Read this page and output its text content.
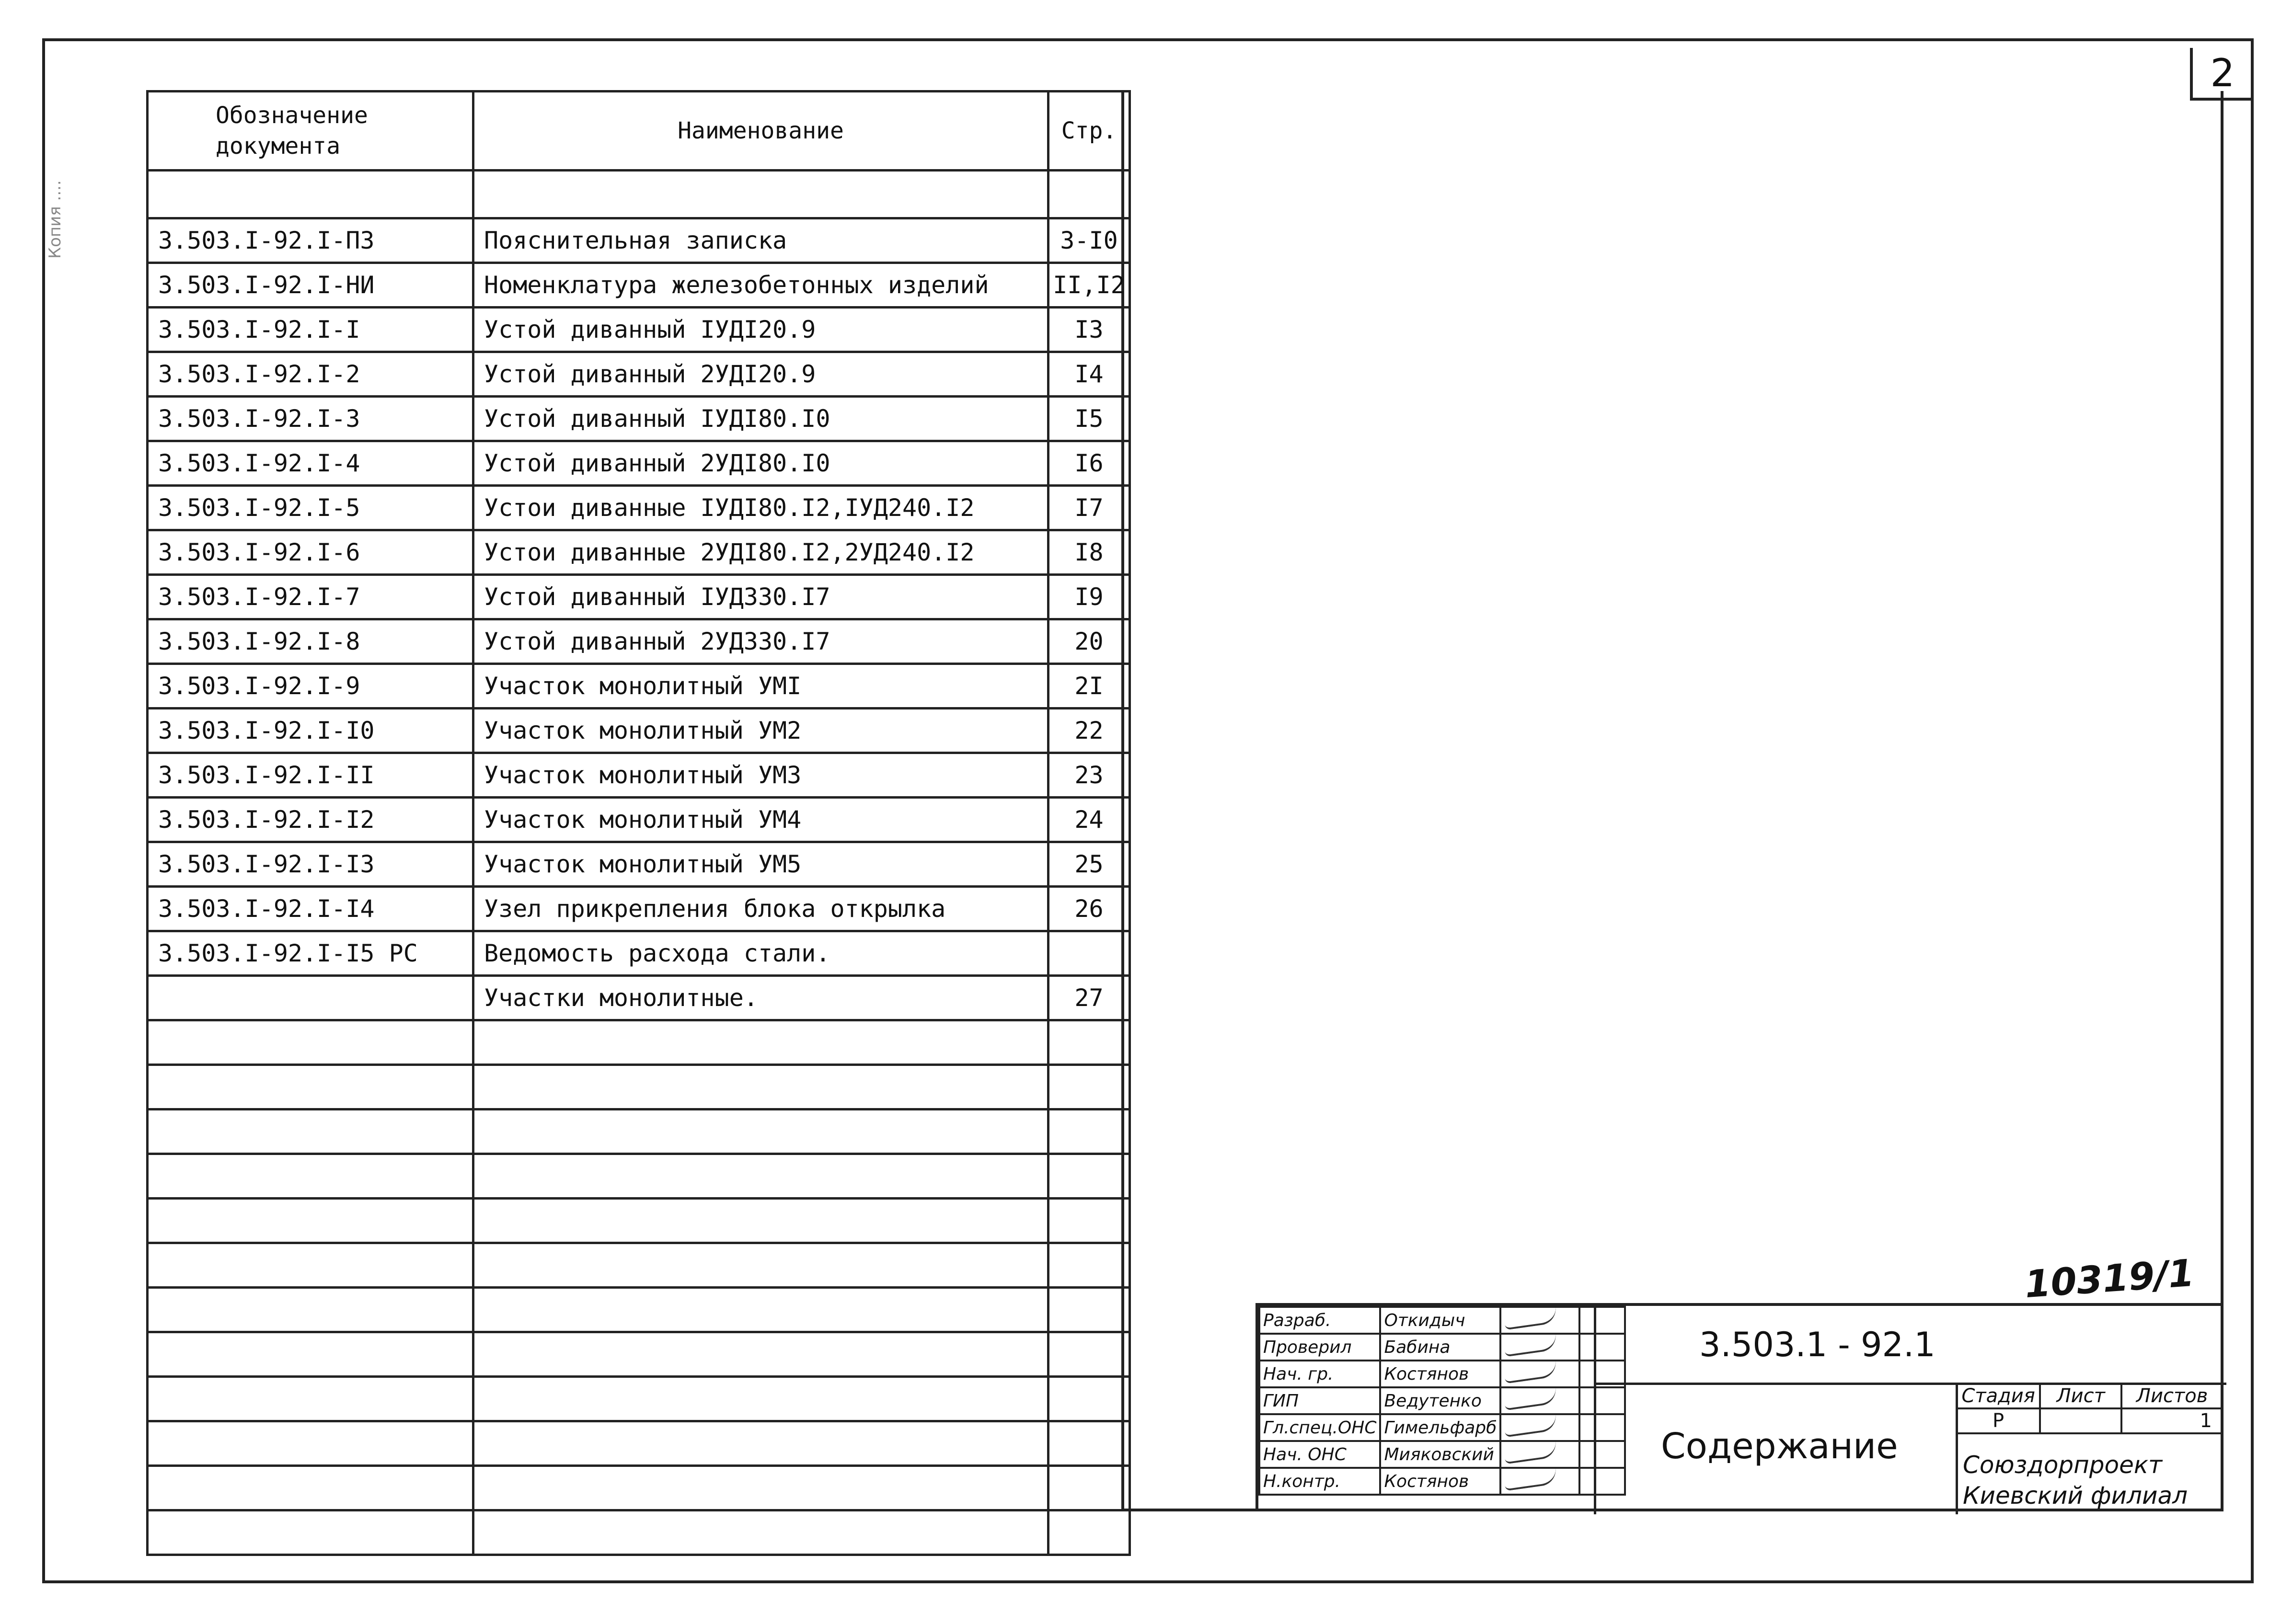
2
Копия ....
Обозначение документа	Наименование	Стр.

3.503.I-92.I-ПЗ	Пояснительная записка	3-I0
3.503.I-92.I-НИ	Номенклатура железобетонных изделий	II,I2
3.503.I-92.I-I	Устой диванный IУДI20.9	I3
3.503.I-92.I-2	Устой диванный 2УДI20.9	I4
3.503.I-92.I-3	Устой диванный IУДI80.I0	I5
3.503.I-92.I-4	Устой диванный 2УДI80.I0	I6
3.503.I-92.I-5	Устои диванные IУДI80.I2,IУД240.I2	I7
3.503.I-92.I-6	Устои диванные 2УДI80.I2,2УД240.I2	I8
3.503.I-92.I-7	Устой диванный IУД330.I7	I9
3.503.I-92.I-8	Устой диванный 2УД330.I7	20
3.503.I-92.I-9	Участок монолитный УМI	2I
3.503.I-92.I-I0	Участок монолитный УМ2	22
3.503.I-92.I-II	Участок монолитный УМ3	23
3.503.I-92.I-I2	Участок монолитный УМ4	24
3.503.I-92.I-I3	Участок монолитный УМ5	25
3.503.I-92.I-I4	Узел прикрепления блока открылка	26
3.503.I-92.I-I5 РС	Ведомость расхода стали.	
	Участки монолитные.	27

Разраб.	Откидыч		
Проверил	Бабина		
Нач. гр.	Костянов		
ГИП	Ведутенко		
Гл.спец.ОНС	Гимельфарб		
Нач. ОНС	Мияковский		
Н.контр.	Костянов		
3.503.1 - 92.1
Содержание
Стадия	Лист	Листов
Р		1
Союздорпроект
Киевский филиал
10319/1
